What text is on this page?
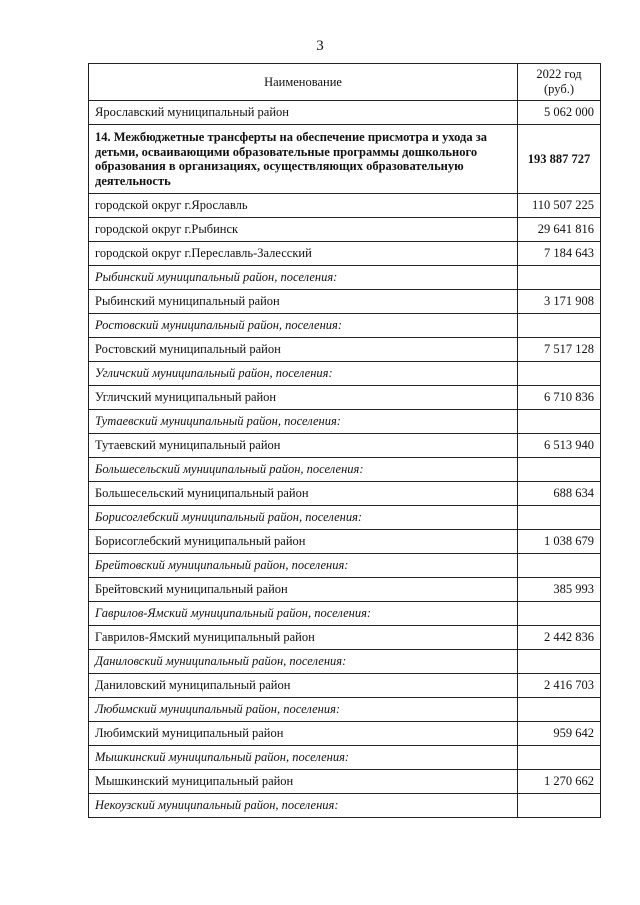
3
Наименование	2022 год
(руб.)

Ярославский муниципальный район	5 062 000
14. Межбюджетные трансферты на обеспечение присмотра и ухода за детьми, осваивающими образовательные программы дошкольного образования в организациях, осуществляющих образовательную деятельность	193 887 727
городской округ г.Ярославль	110 507 225
городской округ г.Рыбинск	29 641 816
городской округ г.Переславль-Залесский	7 184 643
Рыбинский муниципальный район, поселения:	
Рыбинский муниципальный район	3 171 908
Ростовский муниципальный район, поселения:	
Ростовский муниципальный район	7 517 128
Угличский муниципальный район, поселения:	
Угличский муниципальный район	6 710 836
Тутаевский муниципальный район, поселения:	
Тутаевский муниципальный район	6 513 940
Большесельский муниципальный район, поселения:	
Большесельский муниципальный район	688 634
Борисоглебский муниципальный район, поселения:	
Борисоглебский муниципальный район	1 038 679
Брейтовский муниципальный район, поселения:	
Брейтовский муниципальный район	385 993
Гаврилов-Ямский муниципальный район, поселения:	
Гаврилов-Ямский муниципальный район	2 442 836
Даниловский муниципальный район, поселения:	
Даниловский муниципальный район	2 416 703
Любимский муниципальный район, поселения:	
Любимский муниципальный район	959 642
Мышкинский муниципальный район, поселения:	
Мышкинский муниципальный район	1 270 662
Некоузский муниципальный район, поселения:	
